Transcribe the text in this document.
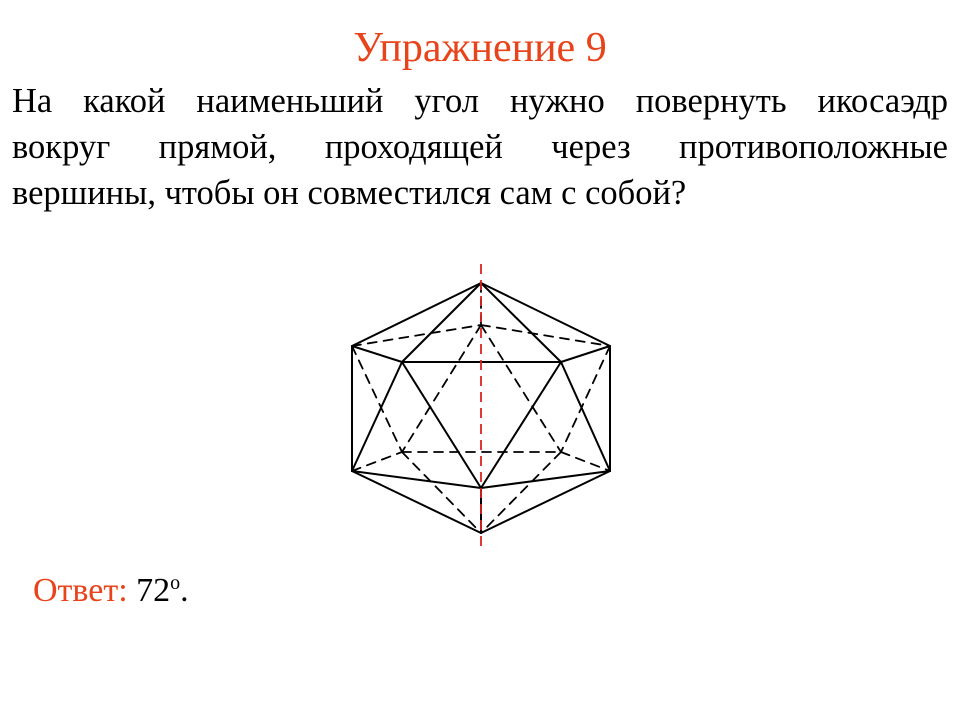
Упражнение 9

На какой наименьший угол нужно повернуть икосаэдр
вокруг прямой, проходящей через противоположные
вершины, чтобы он совместился сам с собой?

Ответ: 72$^o$.
